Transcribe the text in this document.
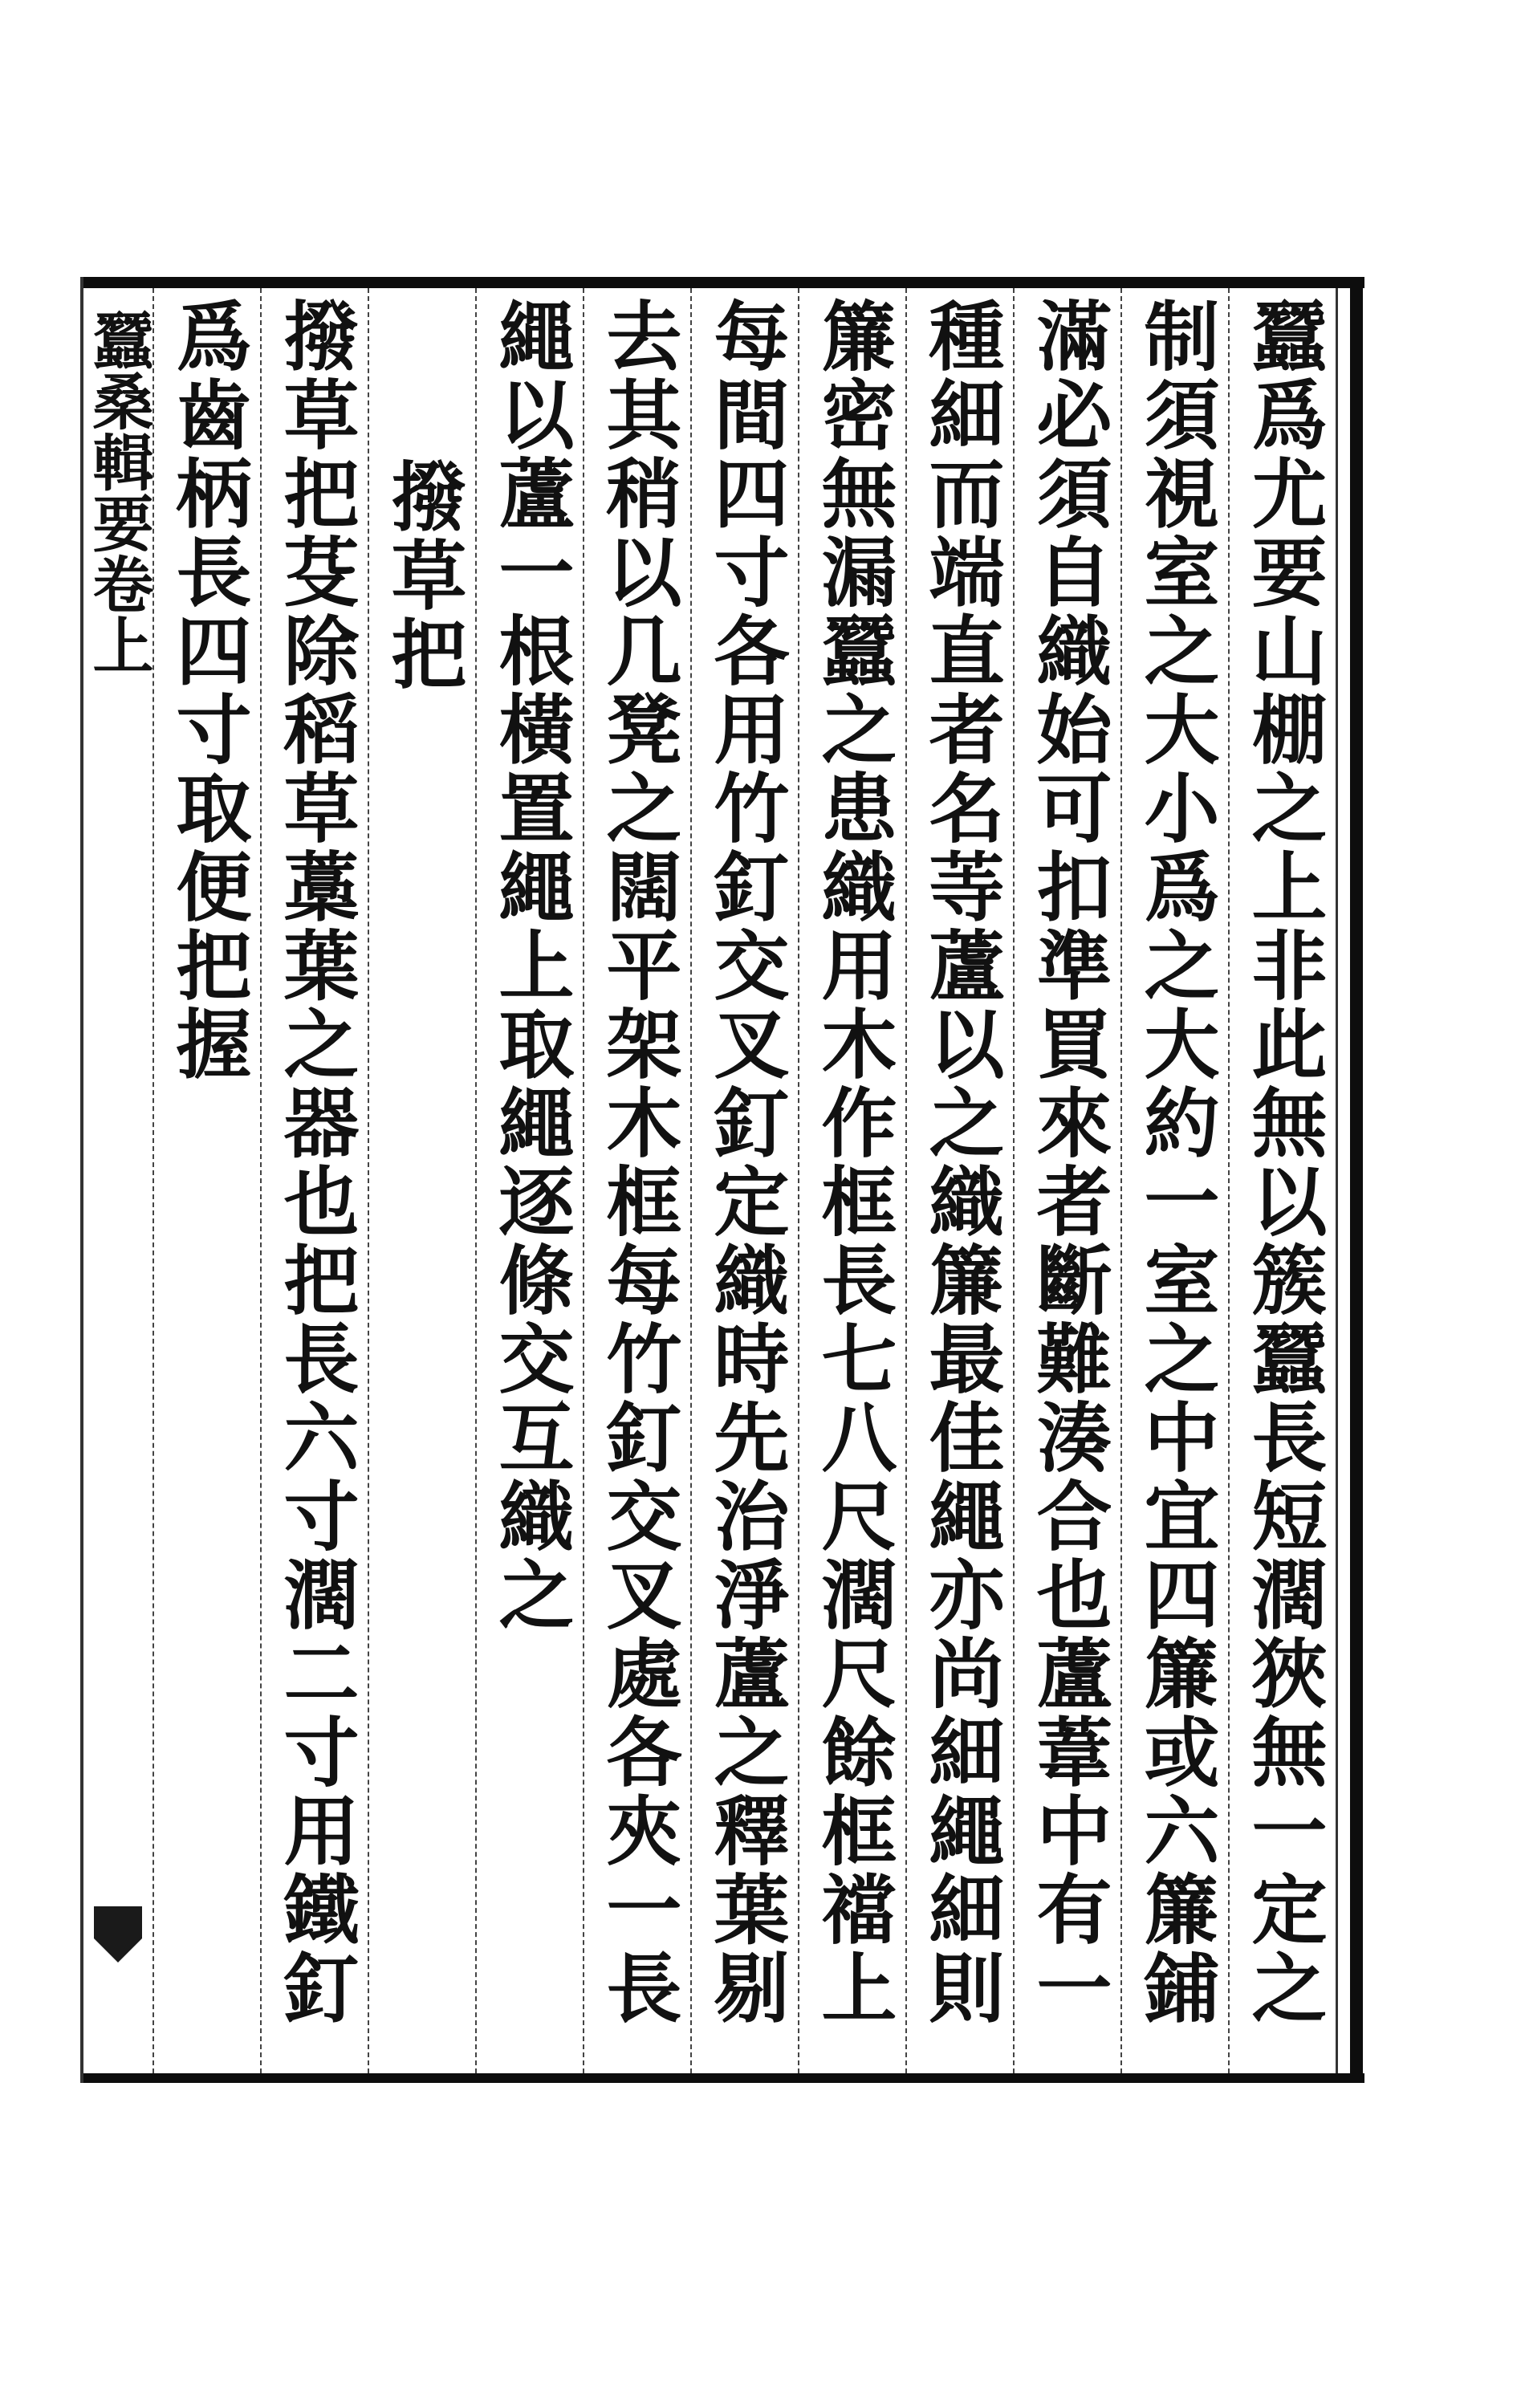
蠶桑輯要卷上	蠶爲尤要山棚之上非此無以簇蠶長短濶狹無一定之
制須視室之大小爲之大約一室之中宜四簾或六簾鋪
滿必須自織始可扣準買來者斷難湊合也蘆葦中有一
種細而端直者名䓁蘆以之織簾最佳繩亦尚細繩細則
簾密無漏蠶之患織用木作框長七八尺濶尺餘框襠上
每間四寸各用竹釘交叉釘定織時先治淨蘆之釋葉剔
去其稍以几凳之闊平架木框每竹釘交叉處各夾一長
繩以蘆一根橫置繩上取繩逐條交互織之
撥草把
撥草把芟除稻草藁葉之器也把長六寸濶二寸用鐵釘
爲齒柄長四寸取便把握
